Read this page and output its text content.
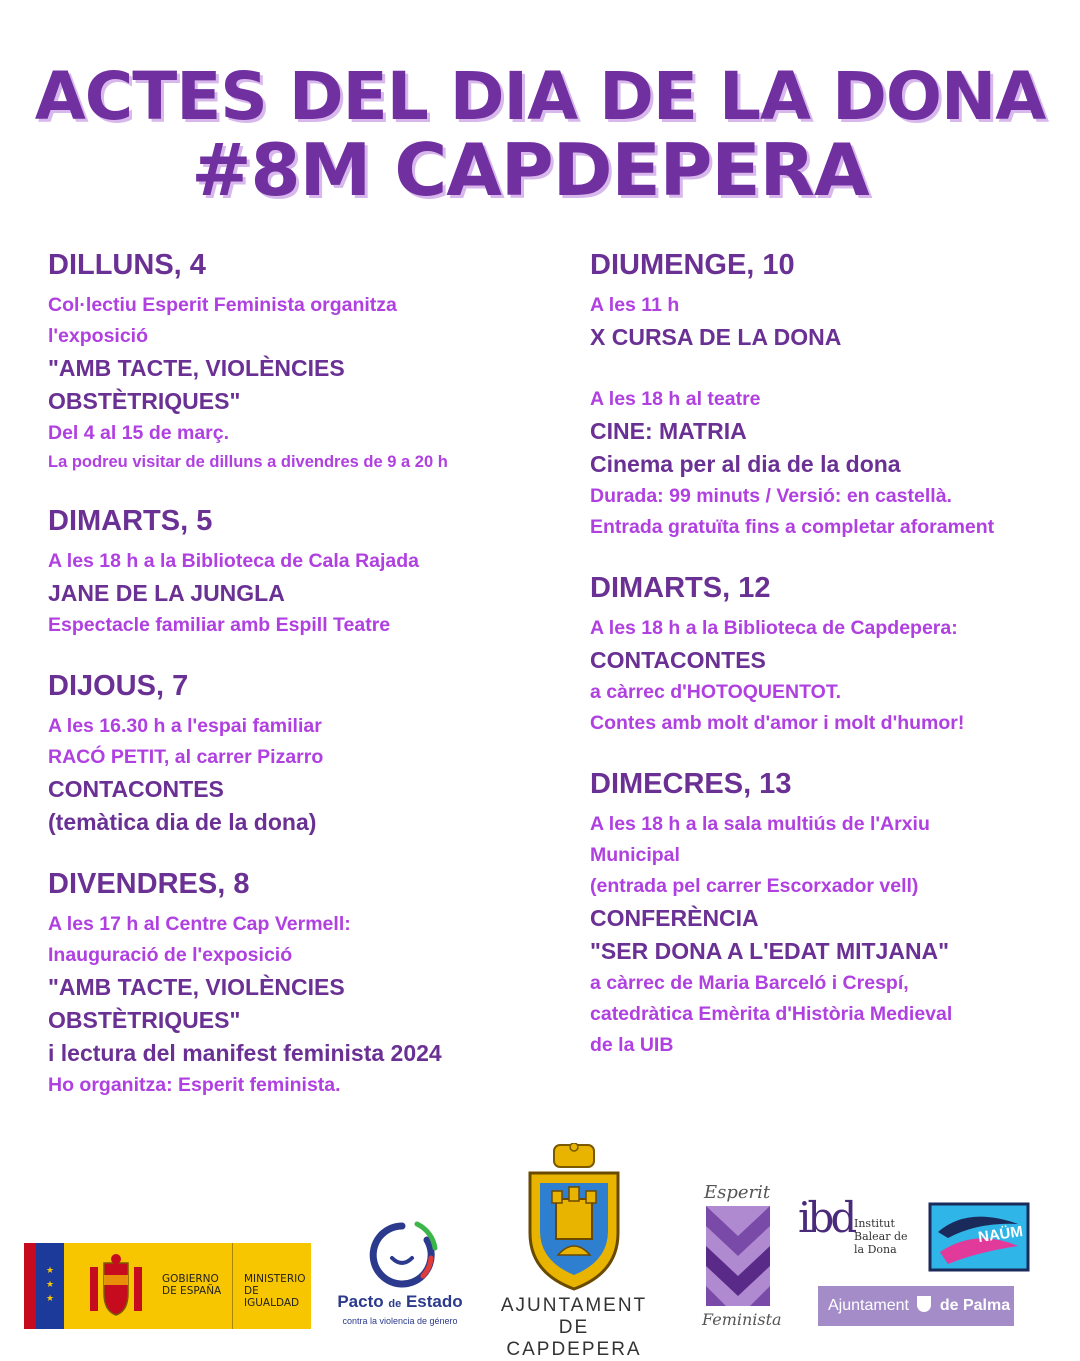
ACTES DEL DIA DE LA DONA
#8M CAPDEPERA
DILLUNS, 4
Col·lectiu Esperit Feminista organitza
l'exposició
"AMB TACTE, VIOLÈNCIES
OBSTÈTRIQUES"
Del 4 al 15 de març.
La podreu visitar de dilluns a divendres de 9 a 20 h
DIMARTS, 5
A les 18 h a la Biblioteca de Cala Rajada
JANE DE LA JUNGLA
Espectacle familiar amb Espill Teatre
DIJOUS, 7
A les 16.30 h a l'espai familiar
RACÓ PETIT, al carrer Pizarro
CONTACONTES
(temàtica dia de la dona)
DIVENDRES, 8
A les 17 h al Centre Cap Vermell:
Inauguració de l'exposició
"AMB TACTE, VIOLÈNCIES
OBSTÈTRIQUES"
i lectura del manifest feminista 2024
Ho organitza: Esperit feminista.
DIUMENGE, 10
A les 11 h
X CURSA DE LA DONA
A les 18 h al teatre
CINE: MATRIA
Cinema per al dia de la dona
Durada: 99 minuts / Versió: en castellà.
Entrada gratuïta fins a completar aforament
DIMARTS, 12
A les 18 h a la Biblioteca de Capdepera:
CONTACONTES
a càrrec d'HOTOQUENTOT.
Contes amb molt d'amor i molt d'humor!
DIMECRES, 13
A les 18 h a la sala multiús de l'Arxiu
Municipal
(entrada pel carrer Escorxador vell)
CONFERÈNCIA
"SER DONA A L'EDAT MITJANA"
a càrrec de Maria Barceló i Crespí,
catedràtica Emèrita d'Història Medieval
de la UIB
★
★
★
GOBIERNO
DE ESPAÑA
MINISTERIO
DE IGUALDAD	Pacto de Estado
contra la violencia de género
AJUNTAMENT
DE CAPDEPERA
Esperit
Feminista
ibd Institut
Balear de
la Dona
NAÜM
Ajuntament de Palma
